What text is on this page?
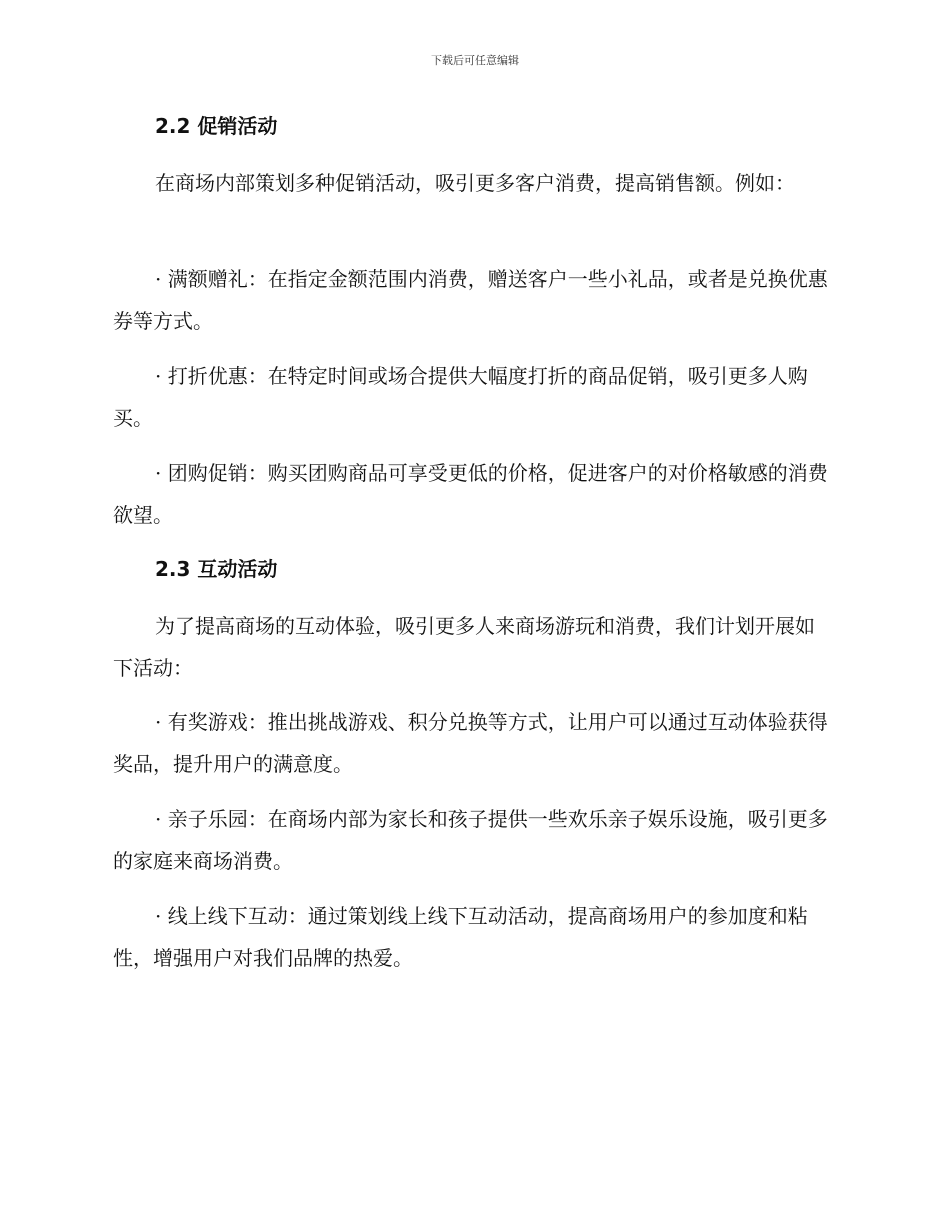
下载后可任意编辑
2.2 促销活动

在商场内部策划多种促销活动，吸引更多客户消费，提高销售额。例如：

· 满额赠礼：在指定金额范围内消费，赠送客户一些小礼品，或者是兑换优惠券等方式。

· 打折优惠：在特定时间或场合提供大幅度打折的商品促销，吸引更多人购买。

· 团购促销：购买团购商品可享受更低的价格，促进客户的对价格敏感的消费欲望。

2.3 互动活动

为了提高商场的互动体验，吸引更多人来商场游玩和消费，我们计划开展如下活动：

· 有奖游戏：推出挑战游戏、积分兑换等方式，让用户可以通过互动体验获得奖品，提升用户的满意度。

· 亲子乐园：在商场内部为家长和孩子提供一些欢乐亲子娱乐设施，吸引更多的家庭来商场消费。

· 线上线下互动：通过策划线上线下互动活动，提高商场用户的参加度和粘性，增强用户对我们品牌的热爱。
